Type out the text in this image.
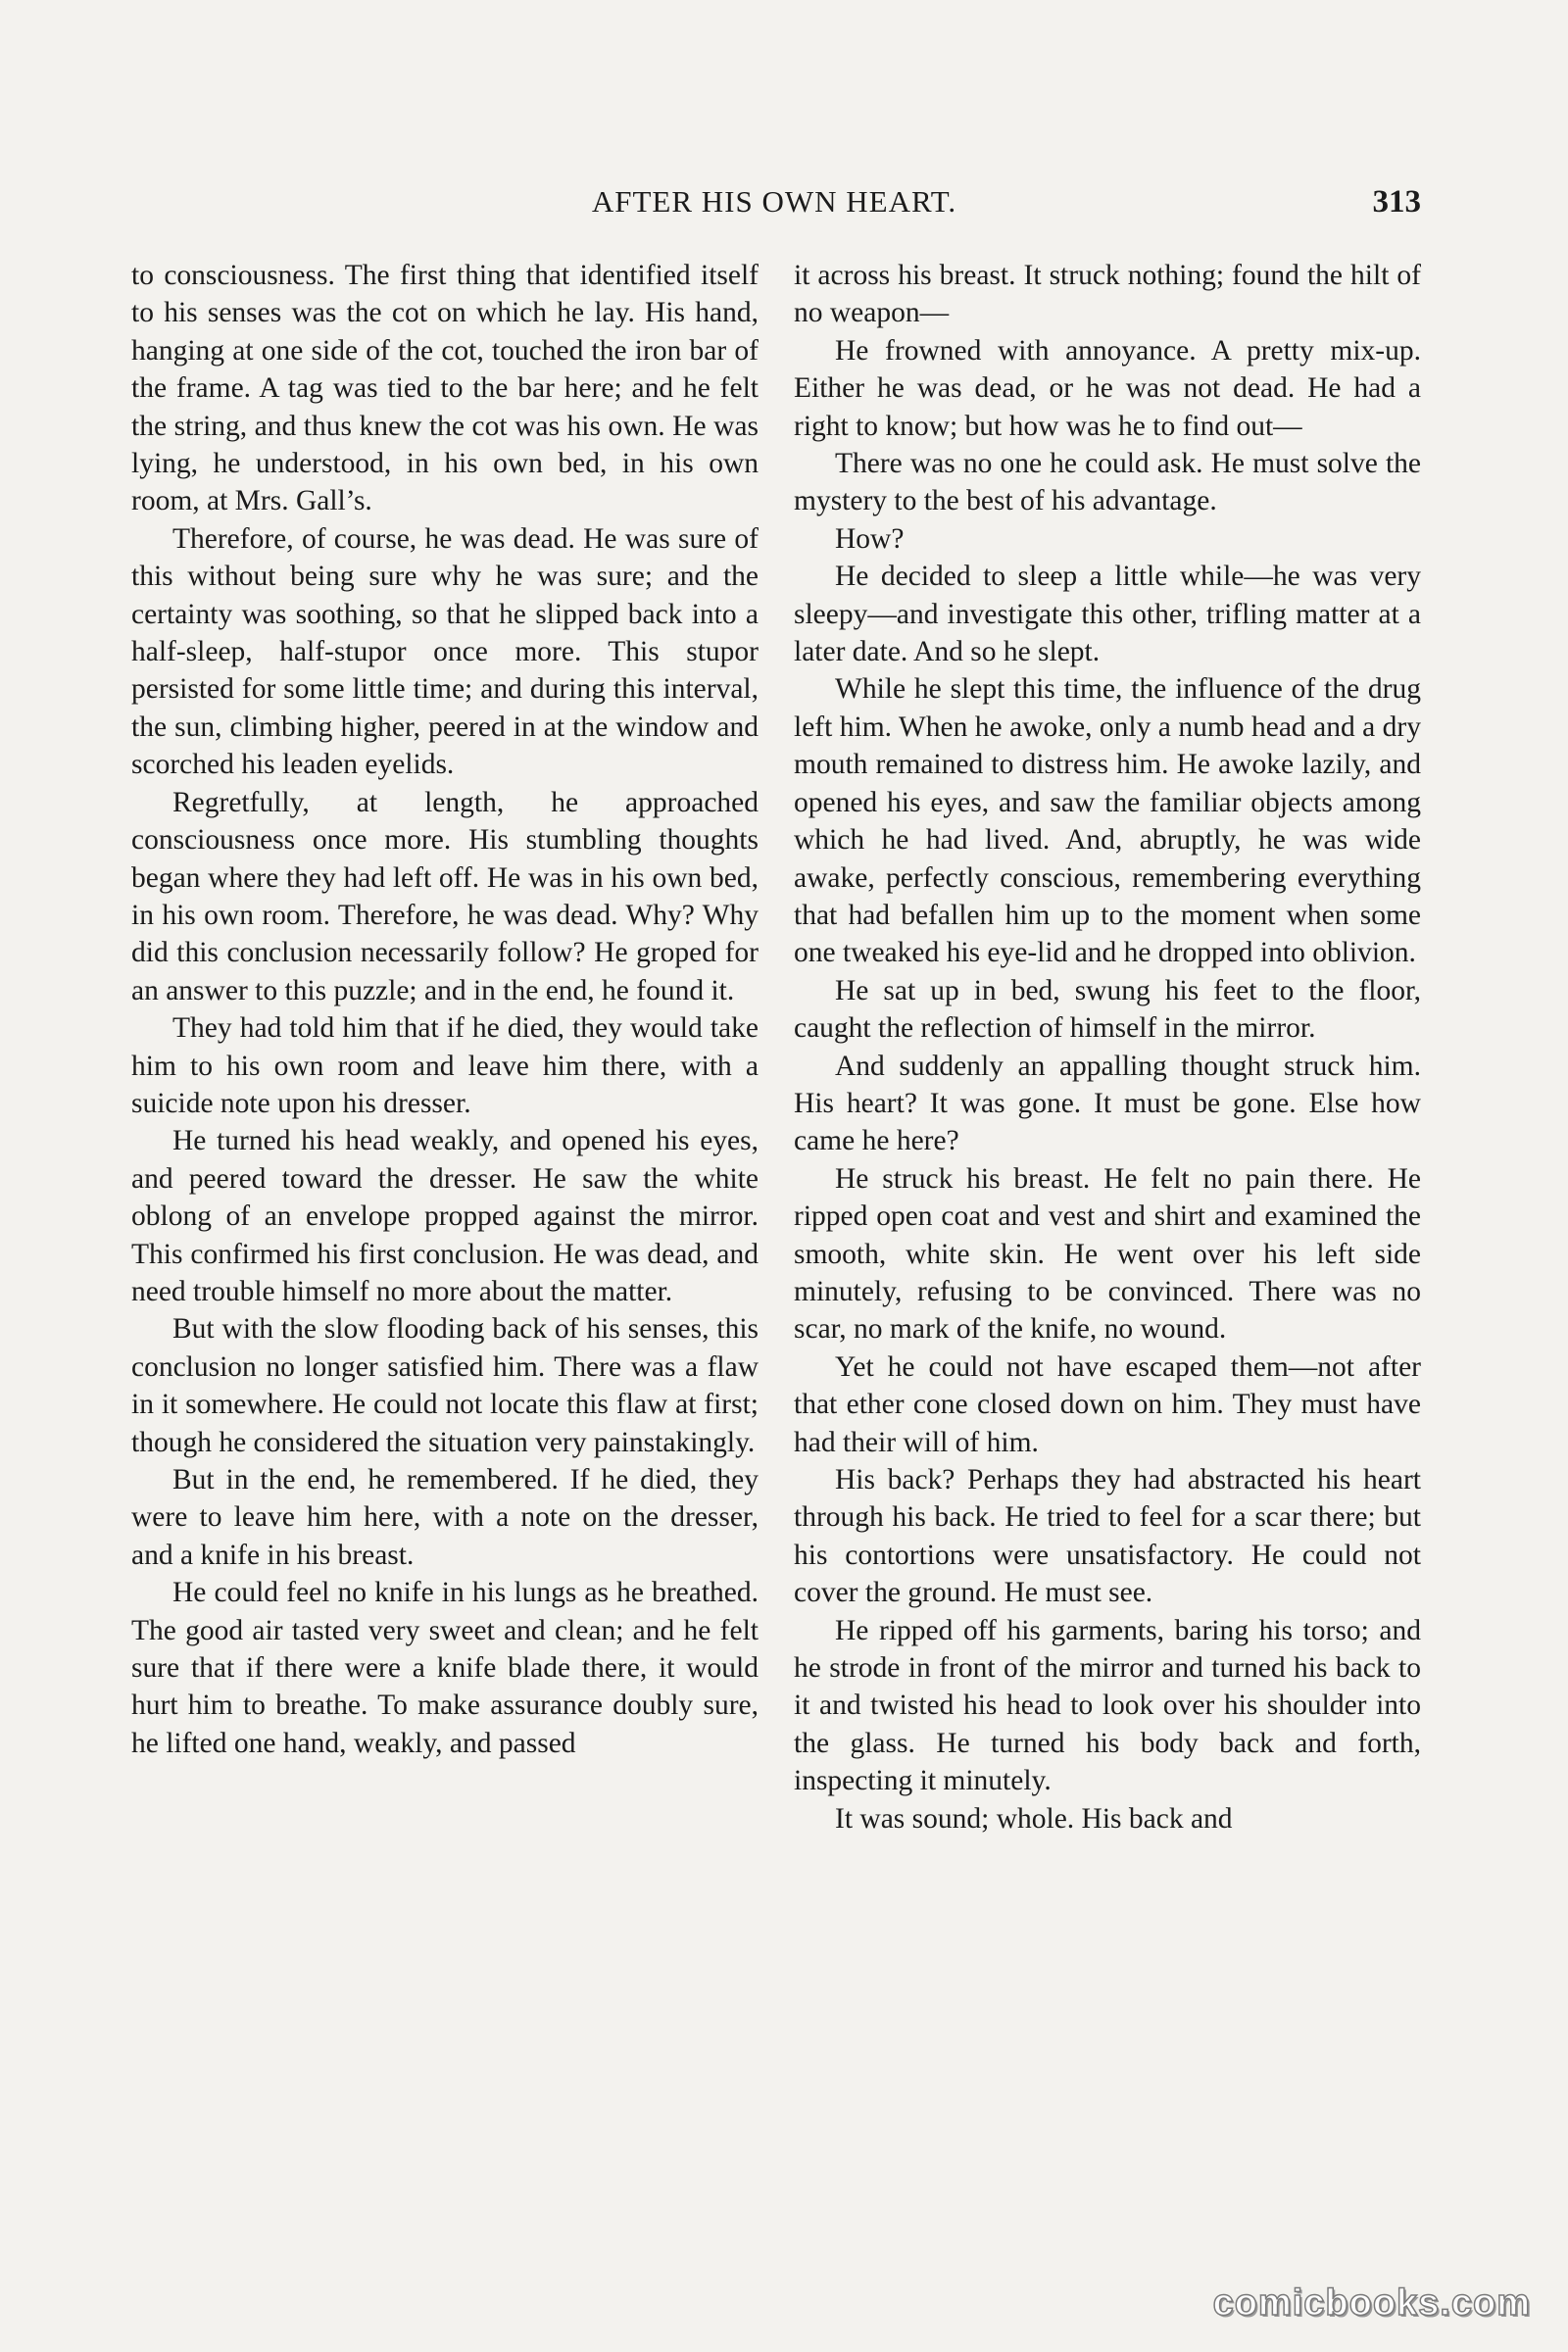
AFTER HIS OWN HEART.	313

to consciousness. The first thing that identified itself to his senses was the cot on which he lay. His hand, hanging at one side of the cot, touched the iron bar of the frame. A tag was tied to the bar here; and he felt the string, and thus knew the cot was his own. He was lying, he understood, in his own bed, in his own room, at Mrs. Gall’s.

Therefore, of course, he was dead. He was sure of this without being sure why he was sure; and the certainty was soothing, so that he slipped back into a half-sleep, half-stupor once more. This stupor persisted for some little time; and during this interval, the sun, climbing higher, peered in at the window and scorched his leaden eyelids.

Regretfully, at length, he approached consciousness once more. His stumbling thoughts began where they had left off. He was in his own bed, in his own room. Therefore, he was dead. Why? Why did this conclusion necessarily follow? He groped for an answer to this puzzle; and in the end, he found it.

They had told him that if he died, they would take him to his own room and leave him there, with a suicide note upon his dresser.

He turned his head weakly, and opened his eyes, and peered toward the dresser. He saw the white oblong of an envelope propped against the mirror. This confirmed his first conclusion. He was dead, and need trouble himself no more about the matter.

But with the slow flooding back of his senses, this conclusion no longer satisfied him. There was a flaw in it somewhere. He could not locate this flaw at first; though he considered the situation very painstakingly.

But in the end, he remembered. If he died, they were to leave him here, with a note on the dresser, and a knife in his breast.

He could feel no knife in his lungs as he breathed. The good air tasted very sweet and clean; and he felt sure that if there were a knife blade there, it would hurt him to breathe. To make assurance doubly sure, he lifted one hand, weakly, and passed

it across his breast. It struck nothing; found the hilt of no weapon—

He frowned with annoyance. A pretty mix-up. Either he was dead, or he was not dead. He had a right to know; but how was he to find out—

There was no one he could ask. He must solve the mystery to the best of his advantage.

How?

He decided to sleep a little while—he was very sleepy—and investigate this other, trifling matter at a later date. And so he slept.

While he slept this time, the influence of the drug left him. When he awoke, only a numb head and a dry mouth remained to distress him. He awoke lazily, and opened his eyes, and saw the familiar objects among which he had lived. And, abruptly, he was wide awake, perfectly conscious, remembering everything that had befallen him up to the moment when some one tweaked his eye-lid and he dropped into oblivion.

He sat up in bed, swung his feet to the floor, caught the reflection of himself in the mirror.

And suddenly an appalling thought struck him. His heart? It was gone. It must be gone. Else how came he here?

He struck his breast. He felt no pain there. He ripped open coat and vest and shirt and examined the smooth, white skin. He went over his left side minutely, refusing to be convinced. There was no scar, no mark of the knife, no wound.

Yet he could not have escaped them—not after that ether cone closed down on him. They must have had their will of him.

His back? Perhaps they had abstracted his heart through his back. He tried to feel for a scar there; but his contortions were unsatisfactory. He could not cover the ground. He must see.

He ripped off his garments, baring his torso; and he strode in front of the mirror and turned his back to it and twisted his head to look over his shoulder into the glass. He turned his body back and forth, inspecting it minutely.

It was sound; whole. His back and

comicbooks.com
